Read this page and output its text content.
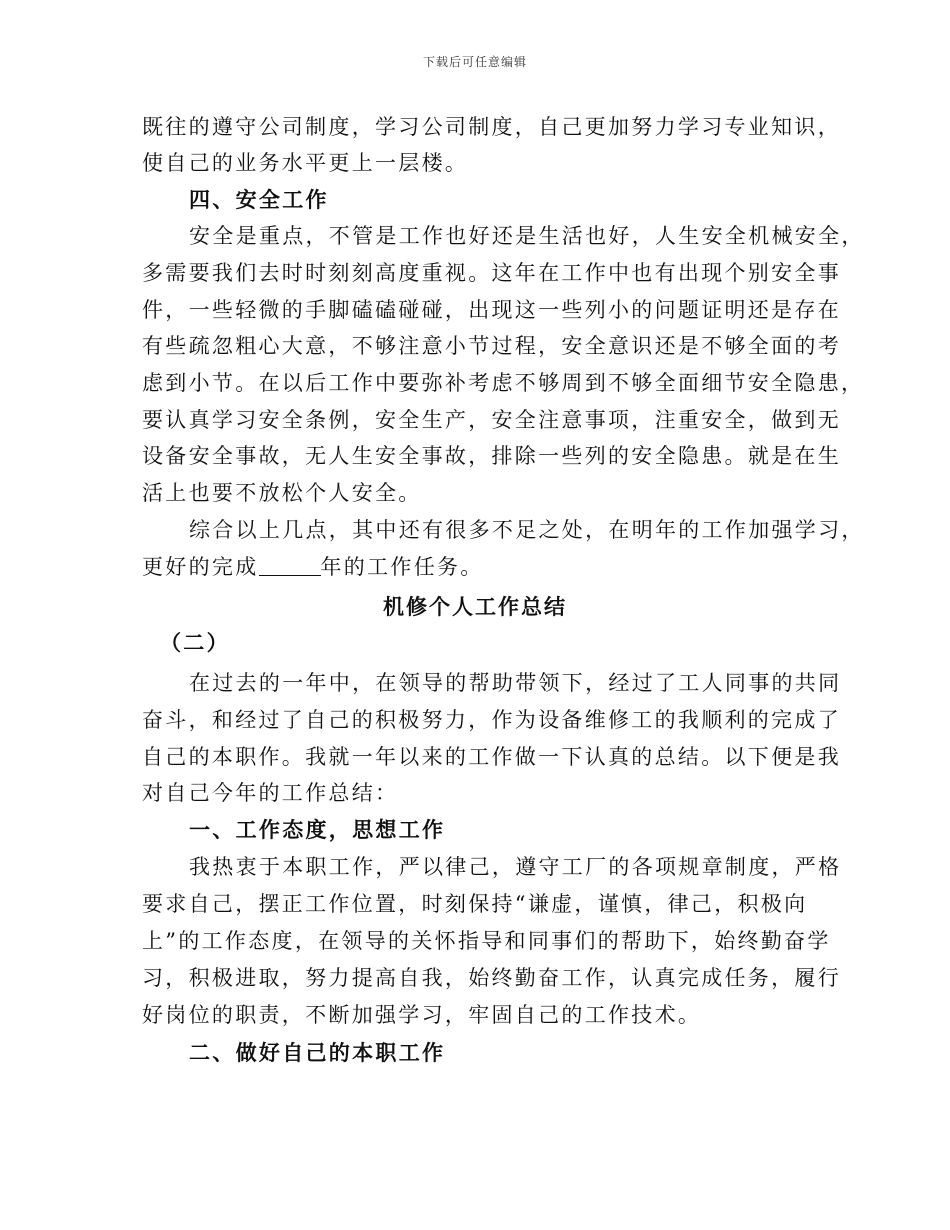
下载后可任意编辑
既往的遵守公司制度，学习公司制度，自己更加努力学习专业知识，
使自己的业务水平更上一层楼。
四、安全工作
安全是重点，不管是工作也好还是生活也好，人生安全机械安全，
多需要我们去时时刻刻高度重视。这年在工作中也有出现个别安全事
件，一些轻微的手脚磕磕碰碰，出现这一些列小的问题证明还是存在
有些疏忽粗心大意，不够注意小节过程，安全意识还是不够全面的考
虑到小节。在以后工作中要弥补考虑不够周到不够全面细节安全隐患，
要认真学习安全条例，安全生产，安全注意事项，注重安全，做到无
设备安全事故，无人生安全事故，排除一些列的安全隐患。就是在生
活上也要不放松个人安全。
综合以上几点，其中还有很多不足之处，在明年的工作加强学习，
更好的完成	年的工作任务。
机修个人工作总结
（二）
在过去的一年中，在领导的帮助带领下，经过了工人同事的共同
奋斗，和经过了自己的积极努力，作为设备维修工的我顺利的完成了
自己的本职作。我就一年以来的工作做一下认真的总结。以下便是我
对自己今年的工作总结：
一、工作态度，思想工作
我热衷于本职工作，严以律己，遵守工厂的各项规章制度，严格
要求自己，摆正工作位置，时刻保持“谦虚，谨慎，律己，积极向
上”的工作态度，在领导的关怀指导和同事们的帮助下，始终勤奋学
习，积极进取，努力提高自我，始终勤奋工作，认真完成任务，履行
好岗位的职责，不断加强学习，牢固自己的工作技术。
二、做好自己的本职工作
